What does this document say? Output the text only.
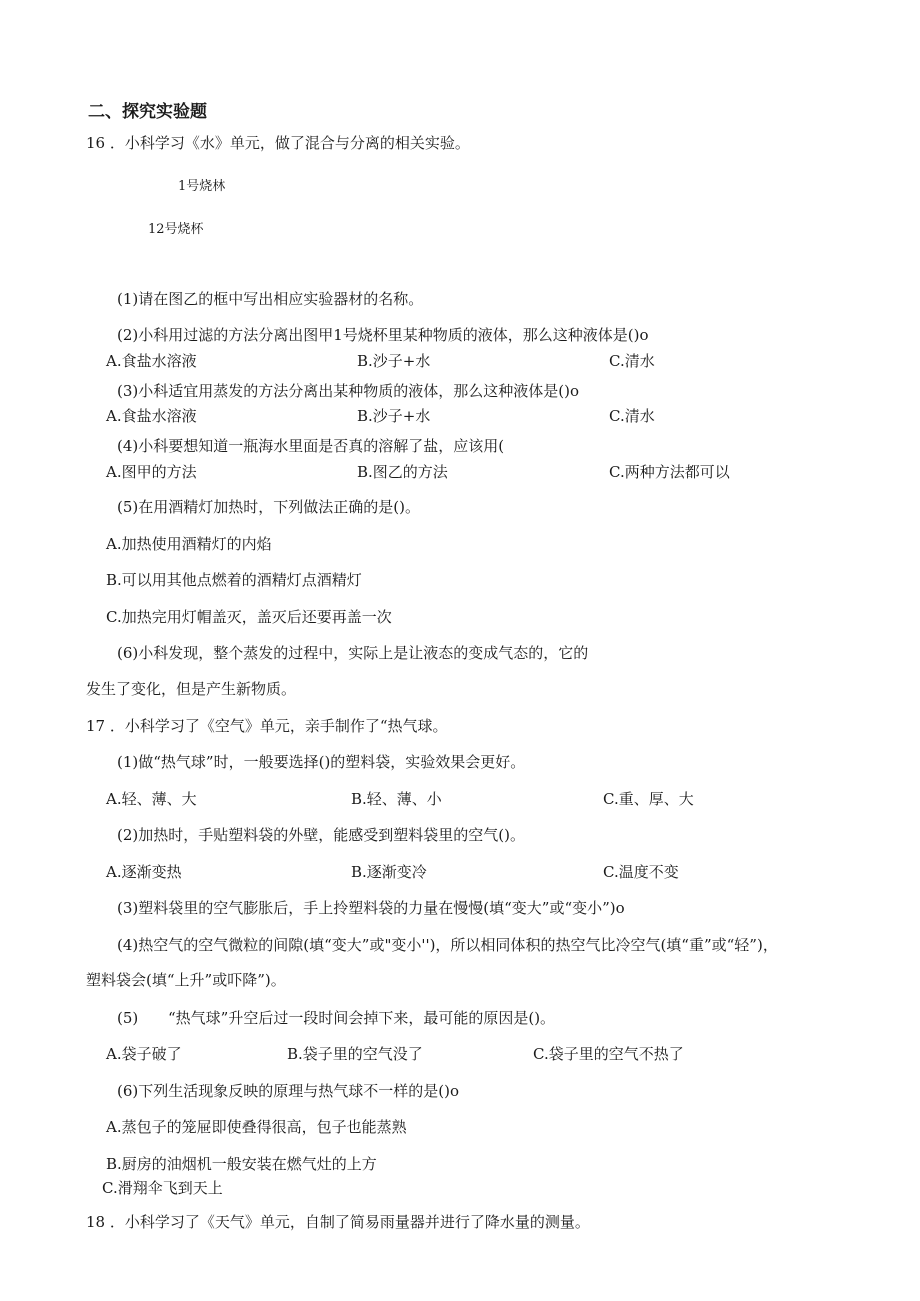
二、探究实验题
16 ．小科学习《水》单元，做了混合与分离的相关实验。
1号烧林
12号烧杯
(1)请在图乙的框中写出相应实验器材的名称。
(2)小科用过滤的方法分离出图甲1号烧杯里某种物质的液体，那么这种液体是()o
A.食盐水溶液	B.沙子+水	C.清水
(3)小科适宜用蒸发的方法分离出某种物质的液体，那么这种液体是()o
A.食盐水溶液	B.沙子+水	C.清水
(4)小科要想知道一瓶海水里面是否真的溶解了盐，应该用(
A.图甲的方法	B.图乙的方法	C.两种方法都可以
(5)在用酒精灯加热时，下列做法正确的是()。
A.加热使用酒精灯的内焰
B.可以用其他点燃着的酒精灯点酒精灯
C.加热完用灯帽盖灭，盖灭后还要再盖一次
(6)小科发现，整个蒸发的过程中，实际上是让液态的变成气态的，它的
发生了变化，但是产生新物质。
17 ．小科学习了《空气》单元，亲手制作了“热气球。
(1)做“热气球”时，一般要选择()的塑料袋，实验效果会更好。
A.轻、薄、大	B.轻、薄、小	C.重、厚、大
(2)加热时，手贴塑料袋的外壁，能感受到塑料袋里的空气()。
A.逐渐变热	B.逐渐变冷	C.温度不变
(3)塑料袋里的空气膨胀后，手上拎塑料袋的力量在慢慢(填“变大”或“变小”)o
(4)热空气的空气微粒的间隙(填“变大”或"变小'')，所以相同体积的热空气比冷空气(填“重”或“轻”)，
塑料袋会(填“上升”或吓降”)。
(5) “热气球”升空后过一段时间会掉下来，最可能的原因是()。
A.袋子破了	B.袋子里的空气没了	C.袋子里的空气不热了
(6)下列生活现象反映的原理与热气球不一样的是()o
A.蒸包子的笼屉即使叠得很高，包子也能蒸熟
B.厨房的油烟机一般安装在燃气灶的上方
C.滑翔伞飞到天上
18 ．小科学习了《天气》单元，自制了简易雨量器并进行了降水量的测量。
